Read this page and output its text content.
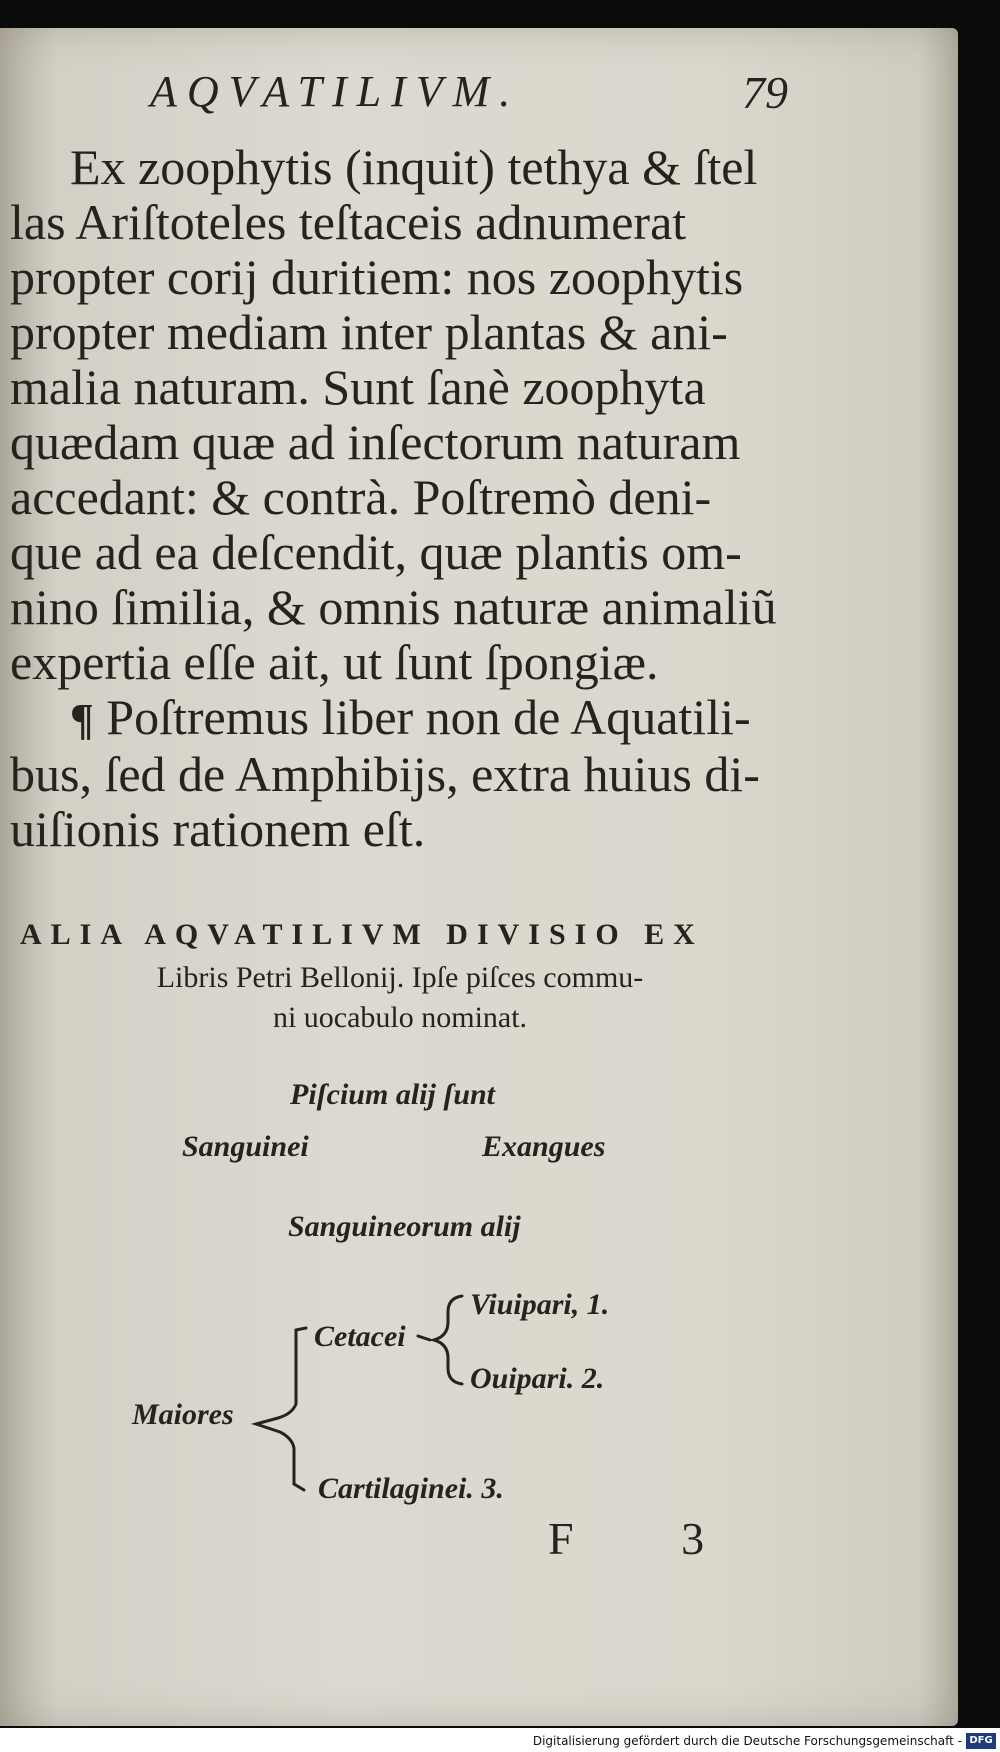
AQVATILIVM.	79
Ex zoophytis (inquit) tethya & ſtel
las Ariſtoteles teſtaceis adnumerat
propter corij duritiem: nos zoophytis
propter mediam inter plantas & ani-
malia naturam. Sunt ſanè zoophyta
quædam quæ ad inſectorum naturam
accedant: & contrà. Poſtremò deni-
que ad ea deſcendit, quæ plantis om-
nino ſimilia, & omnis naturæ animaliũ
expertia eſſe ait, ut ſunt ſpongiæ.
¶ Poſtremus liber non de Aquatili-
bus, ſed de Amphibijs, extra huius di-
uiſionis rationem eſt.
ALIA AQVATILIVM DIVISIO EX
Libris Petri Bellonij. Ipſe piſces commu-
ni uocabulo nominat.
Piſcium alij ſunt
Sanguinei	Exangues
Sanguineorum alij
Maiores
Cetacei
Viuipari, 1.
Ouipari. 2.
Cartilaginei. 3.
F 3
Digitalisierung gefördert durch die Deutsche Forschungsgemeinschaft - DFG
